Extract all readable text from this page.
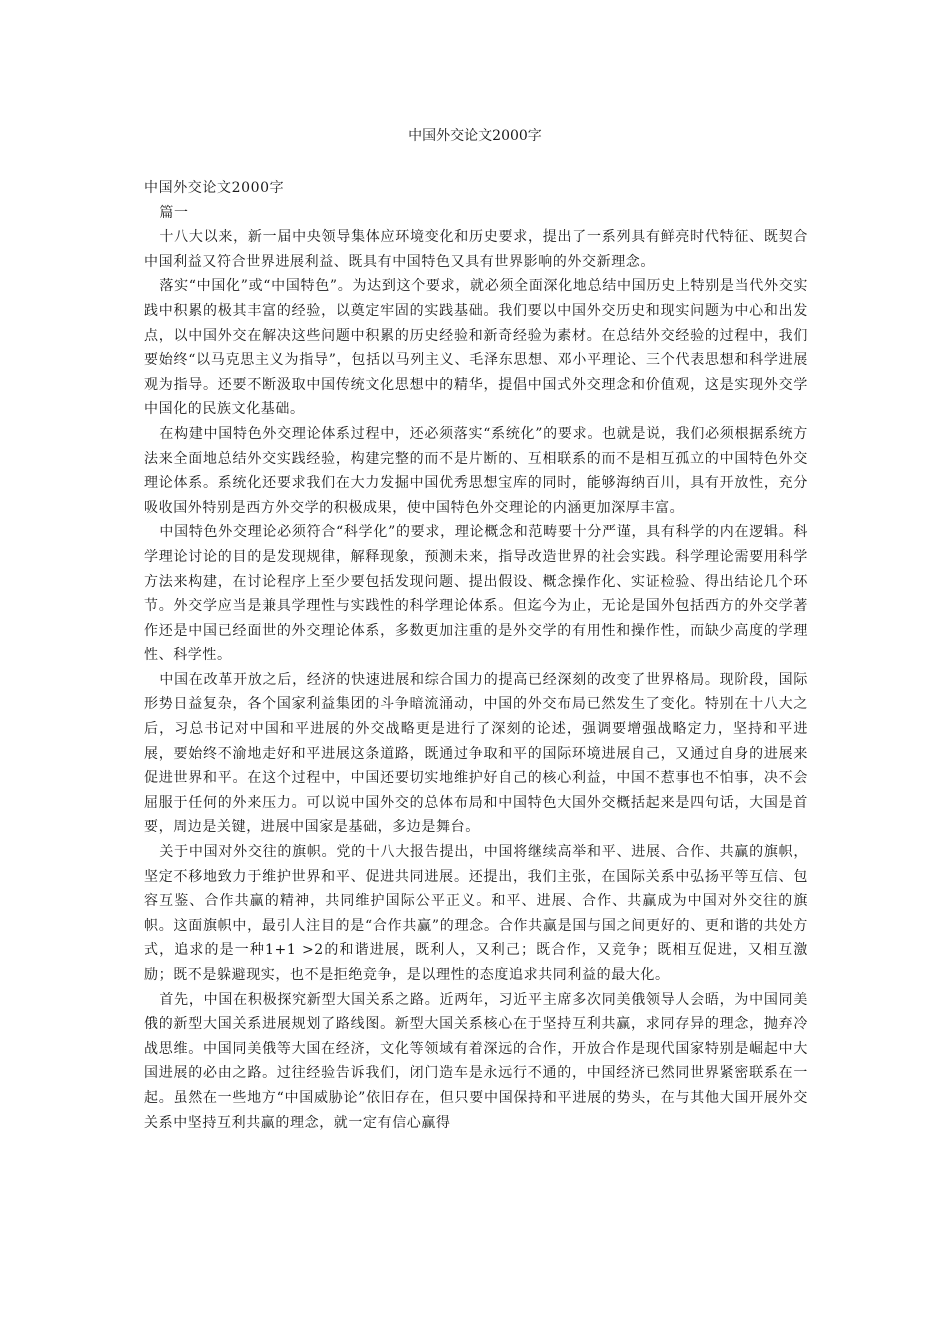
中国外交论文2000字

中国外交论文2000字

篇一

十八大以来，新一届中央领导集体应环境变化和历史要求，提出了一系列具有鲜亮时代特征、既契合中国利益又符合世界进展利益、既具有中国特色又具有世界影响的外交新理念。

落实“中国化”或“中国特色”。为达到这个要求，就必须全面深化地总结中国历史上特别是当代外交实践中积累的极其丰富的经验，以奠定牢固的实践基础。我们要以中国外交历史和现实问题为中心和出发点，以中国外交在解决这些问题中积累的历史经验和新奇经验为素材。在总结外交经验的过程中，我们要始终“以马克思主义为指导”，包括以马列主义、毛泽东思想、邓小平理论、三个代表思想和科学进展观为指导。还要不断汲取中国传统文化思想中的精华，提倡中国式外交理念和价值观，这是实现外交学中国化的民族文化基础。

在构建中国特色外交理论体系过程中，还必须落实“系统化”的要求。也就是说，我们必须根据系统方法来全面地总结外交实践经验，构建完整的而不是片断的、互相联系的而不是相互孤立的中国特色外交理论体系。系统化还要求我们在大力发掘中国优秀思想宝库的同时，能够海纳百川，具有开放性，充分吸收国外特别是西方外交学的积极成果，使中国特色外交理论的内涵更加深厚丰富。

中国特色外交理论必须符合“科学化”的要求，理论概念和范畴要十分严谨，具有科学的内在逻辑。科学理论讨论的目的是发现规律，解释现象，预测未来，指导改造世界的社会实践。科学理论需要用科学方法来构建，在讨论程序上至少要包括发现问题、提出假设、概念操作化、实证检验、得出结论几个环节。外交学应当是兼具学理性与实践性的科学理论体系。但迄今为止，无论是国外包括西方的外交学著作还是中国已经面世的外交理论体系，多数更加注重的是外交学的有用性和操作性，而缺少高度的学理性、科学性。

中国在改革开放之后，经济的快速进展和综合国力的提高已经深刻的改变了世界格局。现阶段，国际形势日益复杂，各个国家利益集团的斗争暗流涌动，中国的外交布局已然发生了变化。特别在十八大之后，习总书记对中国和平进展的外交战略更是进行了深刻的论述，强调要增强战略定力，坚持和平进展，要始终不渝地走好和平进展这条道路，既通过争取和平的国际环境进展自己，又通过自身的进展来促进世界和平。在这个过程中，中国还要切实地维护好自己的核心利益，中国不惹事也不怕事，决不会屈服于任何的外来压力。可以说中国外交的总体布局和中国特色大国外交概括起来是四句话，大国是首要，周边是关键，进展中国家是基础，多边是舞台。

关于中国对外交往的旗帜。党的十八大报告提出，中国将继续高举和平、进展、合作、共赢的旗帜，坚定不移地致力于维护世界和平、促进共同进展。还提出，我们主张，在国际关系中弘扬平等互信、包容互鉴、合作共赢的精神，共同维护国际公平正义。和平、进展、合作、共赢成为中国对外交往的旗帜。这面旗帜中，最引人注目的是“合作共赢”的理念。合作共赢是国与国之间更好的、更和谐的共处方式，追求的是一种1+1 >2的和谐进展，既利人，又利己；既合作，又竞争；既相互促进，又相互激励；既不是躲避现实，也不是拒绝竞争，是以理性的态度追求共同利益的最大化。

首先，中国在积极探究新型大国关系之路。近两年，习近平主席多次同美俄领导人会晤，为中国同美俄的新型大国关系进展规划了路线图。新型大国关系核心在于坚持互利共赢，求同存异的理念，抛弃冷战思维。中国同美俄等大国在经济，文化等领域有着深远的合作，开放合作是现代国家特别是崛起中大国进展的必由之路。过往经验告诉我们，闭门造车是永远行不通的，中国经济已然同世界紧密联系在一起。虽然在一些地方“中国威胁论”依旧存在，但只要中国保持和平进展的势头，在与其他大国开展外交关系中坚持互利共赢的理念，就一定有信心赢得
